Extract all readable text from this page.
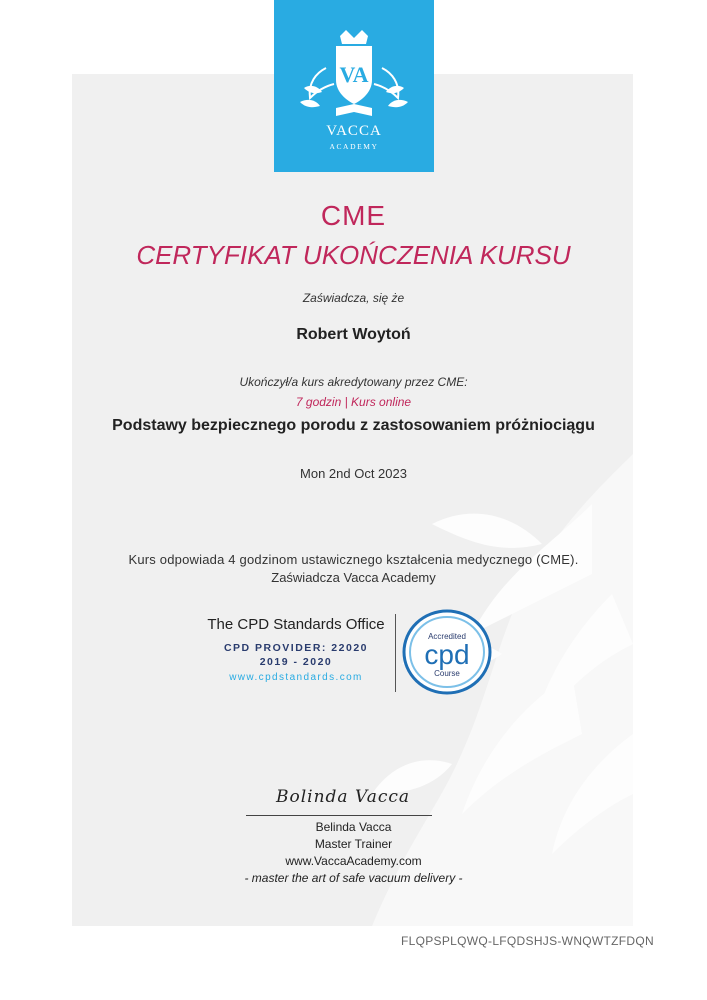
VA
VACCA
ACADEMY
CME
CERTYFIKAT UKOŃCZENIA KURSU
Zaświadcza, się że
Robert Woytoń
Ukończył/a kurs akredytowany przez CME:
7 godzin | Kurs online
Podstawy bezpiecznego porodu z zastosowaniem próżniociągu
Mon 2nd Oct 2023
Kurs odpowiada 4 godzinom ustawicznego kształcenia medycznego (CME).
Zaświadcza Vacca Academy
The CPD Standards Office
CPD PROVIDER: 22020
2019 - 2020
www.cpdstandards.com
Accredited
cpd
Course
Bolinda Vacca
Belinda Vacca
Master Trainer
www.VaccaAcademy.com
- master the art of safe vacuum delivery -
FLQPSPLQWQ-LFQDSHJS-WNQWTZFDQN
